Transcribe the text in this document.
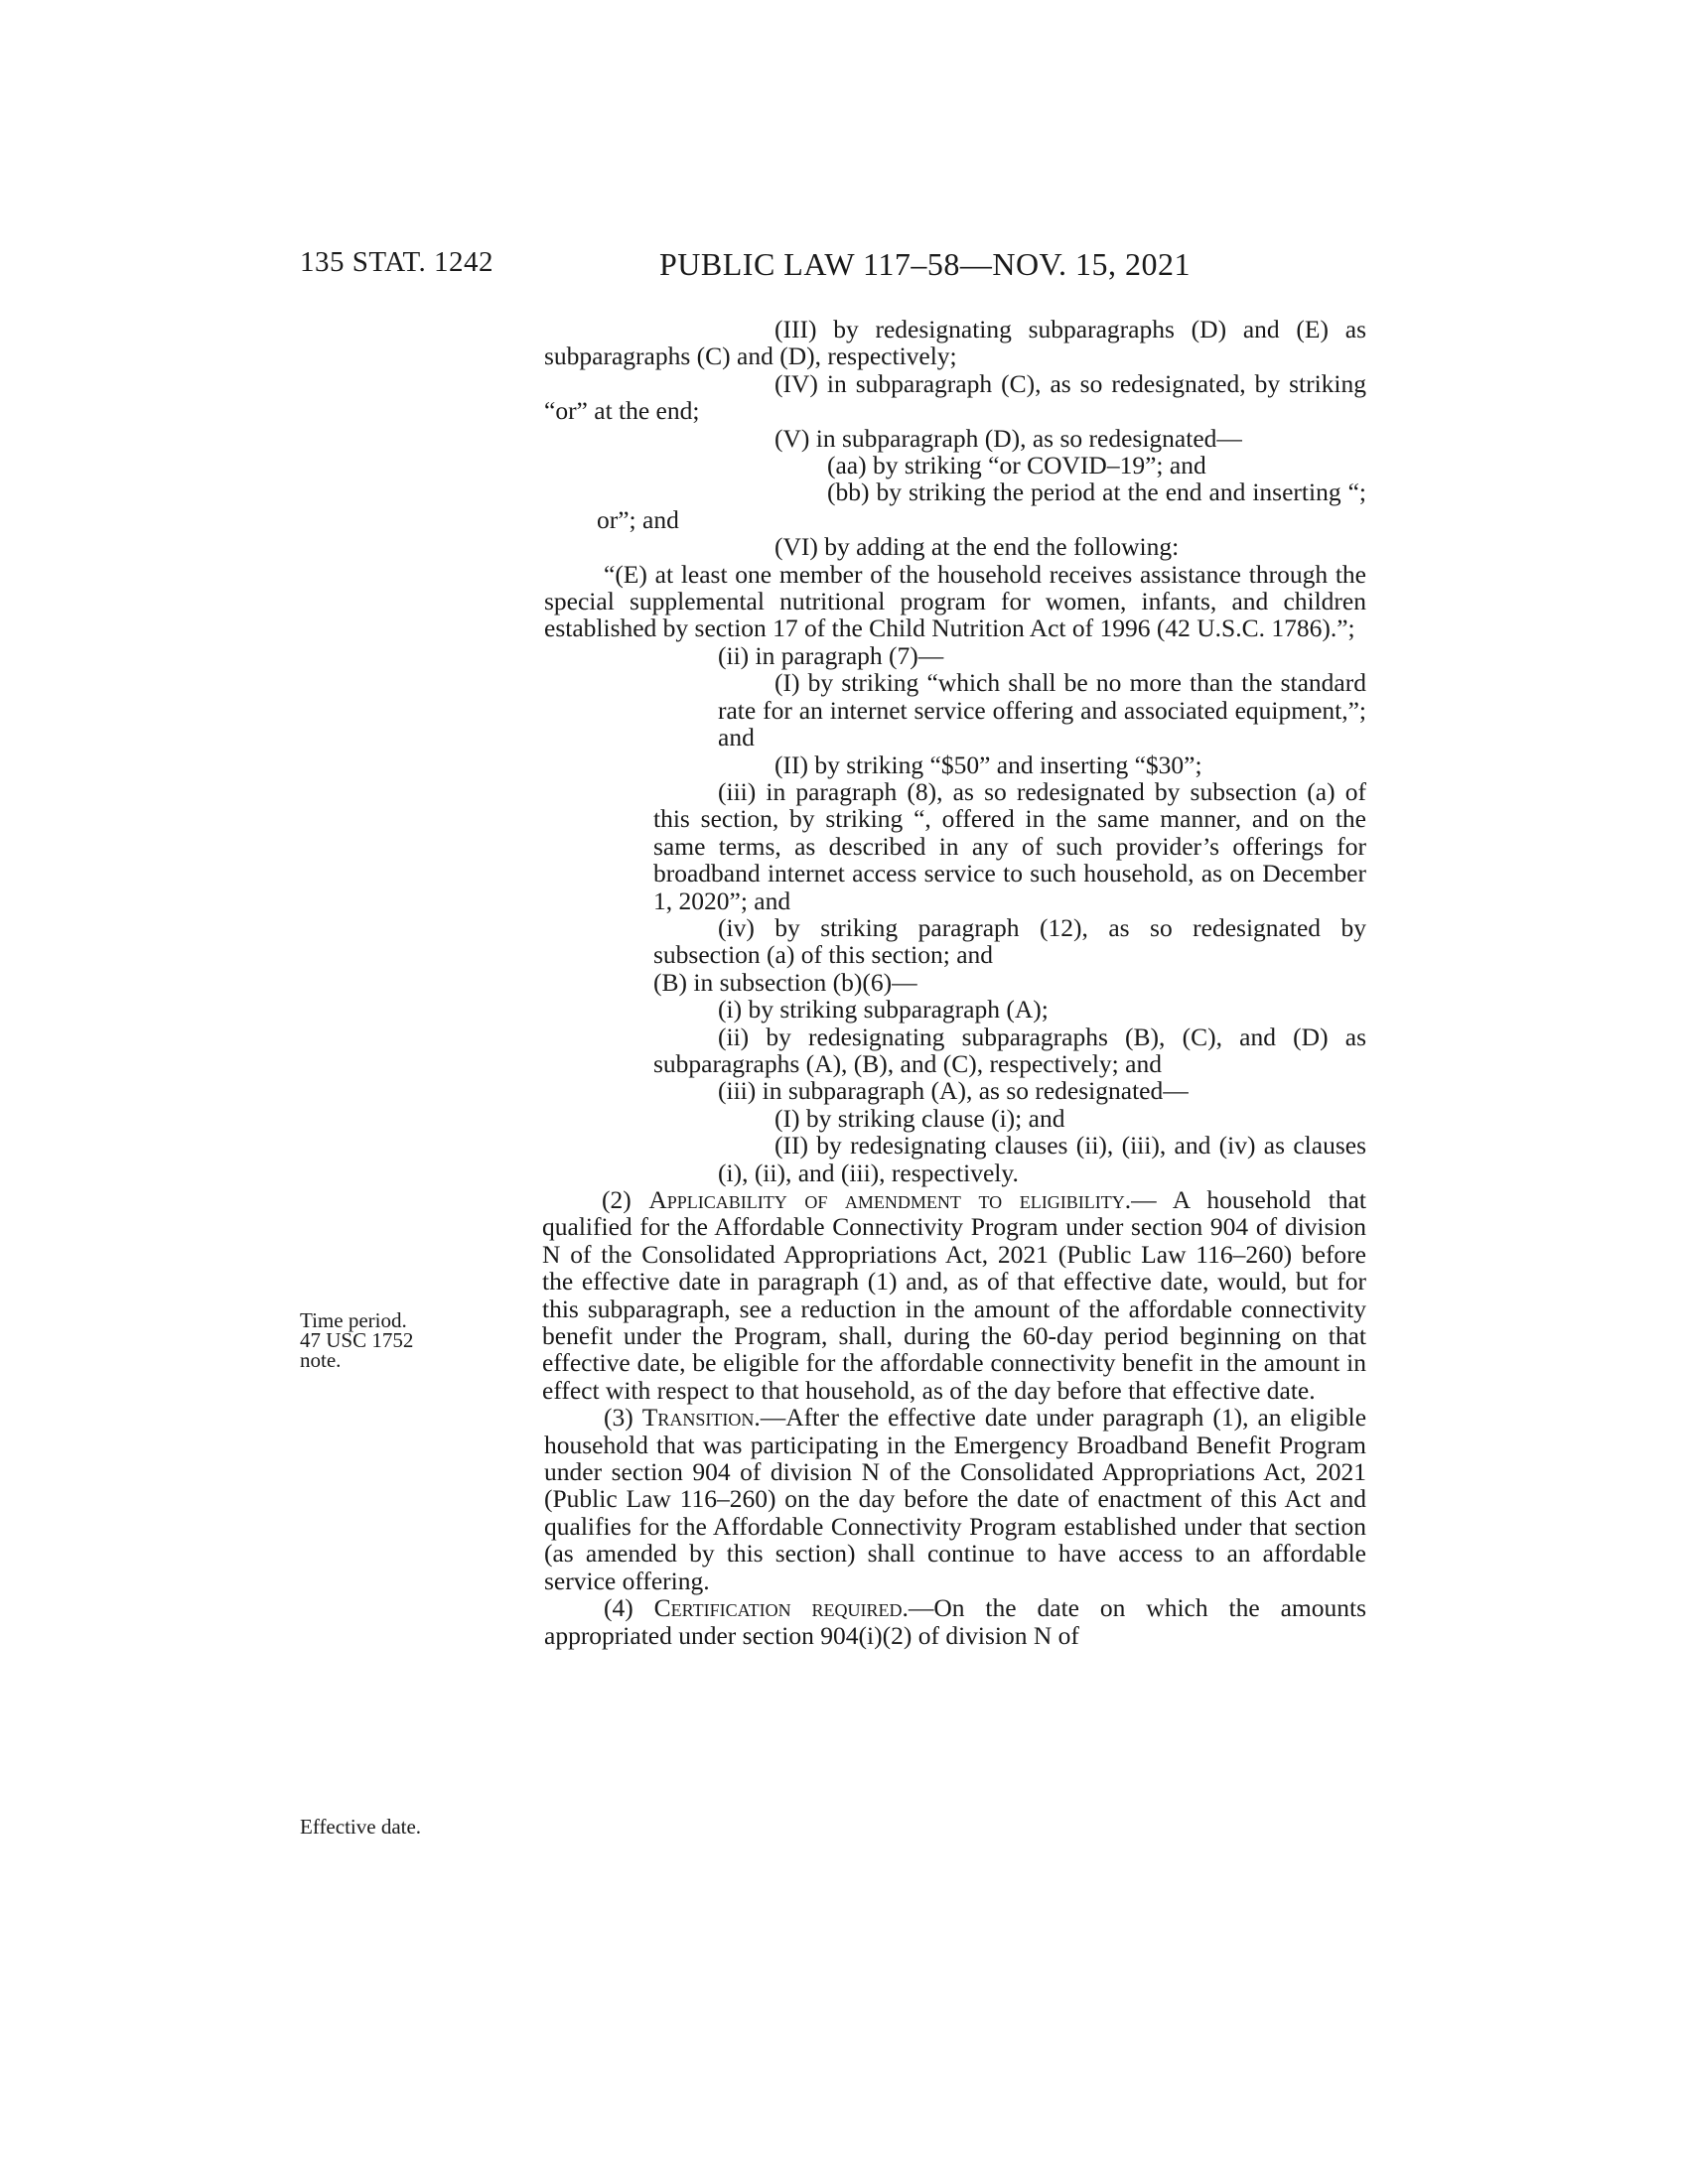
135 STAT. 1242	PUBLIC LAW 117–58—NOV. 15, 2021
Time period.
47 USC 1752
note.
Effective date.

(III) by redesignating subparagraphs (D) and (E) as subparagraphs (C) and (D), respectively;

(IV) in subparagraph (C), as so redesignated, by striking “or” at the end;

(V) in subparagraph (D), as so redesignated—

(aa) by striking “or COVID–19”; and

(bb) by striking the period at the end and inserting “; or”; and

(VI) by adding at the end the following:

“(E) at least one member of the household receives assistance through the special supplemental nutritional program for women, infants, and children established by section 17 of the Child Nutrition Act of 1996 (42 U.S.C. 1786).”;

(ii) in paragraph (7)—

(I) by striking “which shall be no more than the standard rate for an internet service offering and associated equipment,”; and

(II) by striking “$50” and inserting “$30”;

(iii) in paragraph (8), as so redesignated by subsection (a) of this section, by striking “, offered in the same manner, and on the same terms, as described in any of such provider’s offerings for broadband internet access service to such household, as on December 1, 2020”; and

(iv) by striking paragraph (12), as so redesignated by subsection (a) of this section; and

(B) in subsection (b)(6)—

(i) by striking subparagraph (A);

(ii) by redesignating subparagraphs (B), (C), and (D) as subparagraphs (A), (B), and (C), respectively; and

(iii) in subparagraph (A), as so redesignated—

(I) by striking clause (i); and

(II) by redesignating clauses (ii), (iii), and (iv) as clauses (i), (ii), and (iii), respectively.

(2) Applicability of amendment to eligibility.— A household that qualified for the Affordable Connectivity Program under section 904 of division N of the Consolidated Appropriations Act, 2021 (Public Law 116–260) before the effective date in paragraph (1) and, as of that effective date, would, but for this subparagraph, see a reduction in the amount of the affordable connectivity benefit under the Program, shall, during the 60-day period beginning on that effective date, be eligible for the affordable connectivity benefit in the amount in effect with respect to that household, as of the day before that effective date.

(3) Transition.—After the effective date under paragraph (1), an eligible household that was participating in the Emergency Broadband Benefit Program under section 904 of division N of the Consolidated Appropriations Act, 2021 (Public Law 116–260) on the day before the date of enactment of this Act and qualifies for the Affordable Connectivity Program established under that section (as amended by this section) shall continue to have access to an affordable service offering.

(4) Certification required.—On the date on which the amounts appropriated under section 904(i)(2) of division N of
